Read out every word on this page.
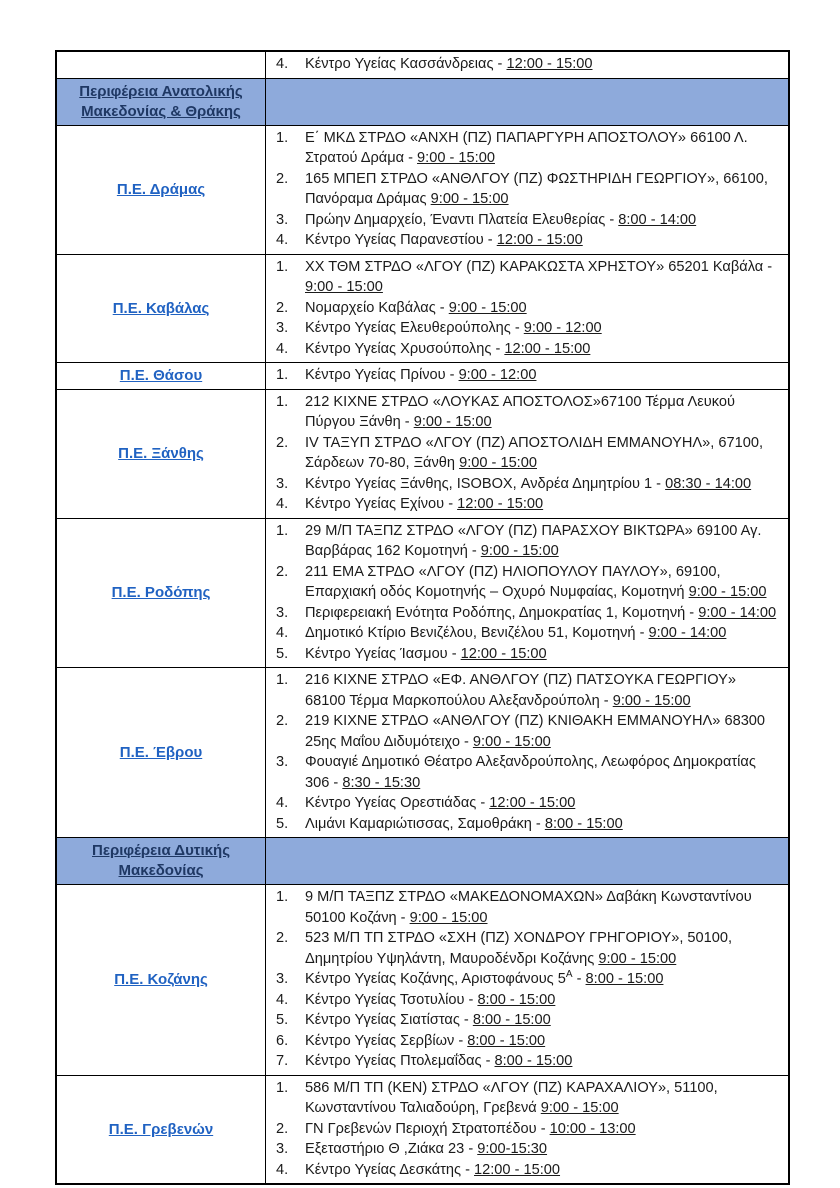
4.	Κέντρο Υγείας Κασσάνδρειας - 12:00 - 15:00
Περιφέρεια Ανατολικής Μακεδονίας & Θράκης
Π.Ε. Δράμας
1.	Ε΄ ΜΚΔ ΣΤΡΔΟ «ΑΝΧΗ (ΠΖ) ΠΑΠΑΡΓΥΡΗ ΑΠΟΣΤΟΛΟΥ» 66100 Λ. Στρατού Δράμα - 9:00 - 15:00
2.	165 ΜΠΕΠ ΣΤΡΔΟ «ΑΝΘΛΓΟΥ (ΠΖ) ΦΩΣΤΗΡΙΔΗ ΓΕΩΡΓΙΟΥ», 66100, Πανόραμα Δράμας 9:00 - 15:00
3.	Πρώην Δημαρχείο, Έναντι Πλατεία Ελευθερίας - 8:00 - 14:00
4.	Κέντρο Υγείας Παρανεστίου - 12:00 - 15:00
Π.Ε. Καβάλας
1.	ΧΧ ΤΘΜ ΣΤΡΔΟ «ΛΓΟΥ (ΠΖ) ΚΑΡΑΚΩΣΤΑ ΧΡΗΣΤΟΥ» 65201 Καβάλα - 9:00 - 15:00
2.	Νομαρχείο Καβάλας - 9:00 - 15:00
3.	Κέντρο Υγείας Ελευθερούπολης - 9:00 - 12:00
4.	Κέντρο Υγείας Χρυσούπολης - 12:00 - 15:00
Π.Ε. Θάσου	1.	Κέντρο Υγείας Πρίνου - 9:00 - 12:00
Π.Ε. Ξάνθης
1.	212 ΚΙΧΝΕ ΣΤΡΔΟ «ΛΟΥΚΑΣ ΑΠΟΣΤΟΛΟΣ»67100 Τέρμα Λευκού Πύργου Ξάνθη - 9:00 - 15:00
2.	IV ΤΑΞΥΠ ΣΤΡΔΟ «ΛΓΟΥ (ΠΖ) ΑΠΟΣΤΟΛΙΔΗ ΕΜΜΑΝΟΥΗΛ», 67100, Σάρδεων 70-80, Ξάνθη 9:00 - 15:00
3.	Κέντρο Υγείας Ξάνθης, ISOBOX, Ανδρέα Δημητρίου 1 - 08:30 - 14:00
4.	Κέντρο Υγείας Εχίνου - 12:00 - 15:00
Π.Ε. Ροδόπης
1.	29 Μ/Π ΤΑΞΠΖ ΣΤΡΔΟ «ΛΓΟΥ (ΠΖ) ΠΑΡΑΣΧΟΥ ΒΙΚΤΩΡΑ» 69100 Αγ. Βαρβάρας 162 Κομοτηνή - 9:00 - 15:00
2.	211 ΕΜΑ ΣΤΡΔΟ «ΛΓΟΥ (ΠΖ) ΗΛΙΟΠΟΥΛΟΥ ΠΑΥΛΟΥ», 69100, Επαρχιακή οδός Κομοτηνής – Οχυρό Νυμφαίας, Κομοτηνή 9:00 - 15:00
3.	Περιφερειακή Ενότητα Ροδόπης, Δημοκρατίας 1, Κομοτηνή - 9:00 - 14:00
4.	Δημοτικό Κτίριο Βενιζέλου, Βενιζέλου 51, Κομοτηνή - 9:00 - 14:00
5.	Κέντρο Υγείας Ίασμου - 12:00 - 15:00
Π.Ε. Έβρου
1.	216 ΚΙΧΝΕ ΣΤΡΔΟ «ΕΦ. ΑΝΘΛΓΟΥ (ΠΖ) ΠΑΤΣΟΥΚΑ ΓΕΩΡΓΙΟΥ» 68100 Τέρμα Μαρκοπούλου Αλεξανδρούπολη - 9:00 - 15:00
2.	219 ΚΙΧΝΕ ΣΤΡΔΟ «ΑΝΘΛΓΟΥ (ΠΖ) ΚΝΙΘΑΚΗ ΕΜΜΑΝΟΥΗΛ» 68300 25ης Μαΐου Διδυμότειχο - 9:00 - 15:00
3.	Φουαγιέ Δημοτικό Θέατρο Αλεξανδρούπολης, Λεωφόρος Δημοκρατίας 306 - 8:30 - 15:30
4.	Κέντρο Υγείας Ορεστιάδας - 12:00 - 15:00
5.	Λιμάνι Καμαριώτισσας, Σαμοθράκη - 8:00 - 15:00
Περιφέρεια Δυτικής Μακεδονίας
Π.Ε. Κοζάνης
1.	9 Μ/Π ΤΑΞΠΖ ΣΤΡΔΟ «ΜΑΚΕΔΟΝΟΜΑΧΩΝ» Δαβάκη Κωνσταντίνου 50100 Κοζάνη - 9:00 - 15:00
2.	523 Μ/Π ΤΠ ΣΤΡΔΟ «ΣΧΗ (ΠΖ) ΧΟΝΔΡΟΥ ΓΡΗΓΟΡΙΟΥ», 50100, Δημητρίου Υψηλάντη, Μαυροδένδρι Κοζάνης 9:00 - 15:00
3.	Κέντρο Υγείας Κοζάνης, Αριστοφάνους $5^A$ - 8:00 - 15:00
4.	Κέντρο Υγείας Τσοτυλίου - 8:00 - 15:00
5.	Κέντρο Υγείας Σιατίστας - 8:00 - 15:00
6.	Κέντρο Υγείας Σερβίων - 8:00 - 15:00
7.	Κέντρο Υγείας Πτολεμαΐδας - 8:00 - 15:00
Π.Ε. Γρεβενών
1.	586 Μ/Π ΤΠ (ΚΕΝ) ΣΤΡΔΟ «ΛΓΟΥ (ΠΖ) ΚΑΡΑΧΑΛΙΟΥ», 51100, Κωνσταντίνου Ταλιαδούρη, Γρεβενά 9:00 - 15:00
2.	ΓΝ Γρεβενών Περιοχή Στρατοπέδου - 10:00 - 13:00
3.	Εξεταστήριο Θ ,Ζιάκα 23 - 9:00-15:30
4.	Κέντρο Υγείας Δεσκάτης - 12:00 - 15:00
